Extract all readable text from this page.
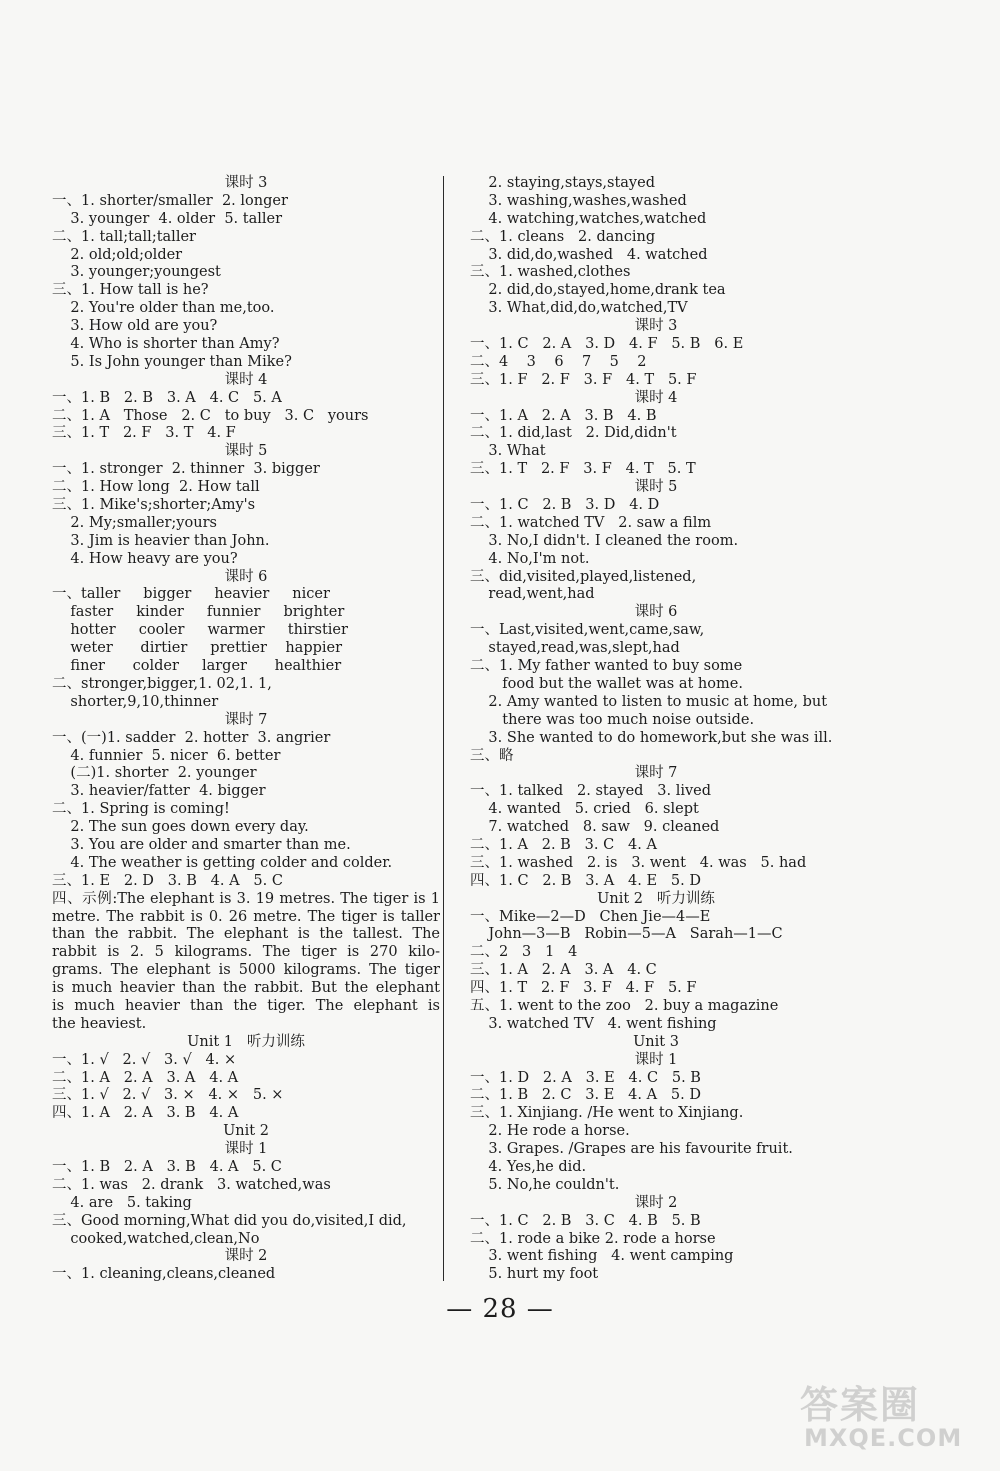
课时 3
一、1. shorter/smaller  2. longer
3. younger  4. older  5. taller
二、1. tall;tall;taller
2. old;old;older
3. younger;youngest
三、1. How tall is he?
2. You're older than me,too.
3. How old are you?
4. Who is shorter than Amy?
5. Is John younger than Mike?
课时 4
一、1. B   2. B   3. A   4. C   5. A
二、1. A   Those   2. C   to buy   3. C   yours
三、1. T   2. F   3. T   4. F
课时 5
一、1. stronger  2. thinner  3. bigger
二、1. How long  2. How tall
三、1. Mike's;shorter;Amy's
2. My;smaller;yours
3. Jim is heavier than John.
4. How heavy are you?
课时 6
一、taller     bigger     heavier     nicer
faster     kinder     funnier     brighter
hotter     cooler     warmer     thirstier
weter      dirtier     prettier    happier
finer      colder     larger      healthier
二、stronger,bigger,1. 02,1. 1,
shorter,9,10,thinner
课时 7
一、(一)1. sadder  2. hotter  3. angrier
4. funnier  5. nicer  6. better
(二)1. shorter  2. younger
3. heavier/fatter  4. bigger
二、1. Spring is coming!
2. The sun goes down every day.
3. You are older and smarter than me.
4. The weather is getting colder and colder.
三、1. E   2. D   3. B   4. A   5. C
四、示例:The elephant is 3. 19 metres. The tiger is 1
metre. The rabbit is 0. 26 metre. The tiger is taller
than the rabbit. The elephant is the tallest. The
rabbit is 2. 5 kilograms. The tiger is 270 kilo-
grams. The elephant is 5000 kilograms. The tiger
is much heavier than the rabbit. But the elephant
is much heavier than the tiger. The elephant is
the heaviest.
Unit 1   听力训练
一、1. √   2. √   3. √   4. ×
二、1. A   2. A   3. A   4. A
三、1. √   2. √   3. ×   4. ×   5. ×
四、1. A   2. A   3. B   4. A
Unit 2
课时 1
一、1. B   2. A   3. B   4. A   5. C
二、1. was   2. drank   3. watched,was
4. are   5. taking
三、Good morning,What did you do,visited,I did,
cooked,watched,clean,No
课时 2
一、1. cleaning,cleans,cleaned
2. staying,stays,stayed
3. washing,washes,washed
4. watching,watches,watched
二、1. cleans   2. dancing
3. did,do,washed   4. watched
三、1. washed,clothes
2. did,do,stayed,home,drank tea
3. What,did,do,watched,TV
课时 3
一、1. C   2. A   3. D   4. F   5. B   6. E
二、4    3    6    7    5    2
三、1. F   2. F   3. F   4. T   5. F
课时 4
一、1. A   2. A   3. B   4. B
二、1. did,last   2. Did,didn't
3. What
三、1. T   2. F   3. F   4. T   5. T
课时 5
一、1. C   2. B   3. D   4. D
二、1. watched TV   2. saw a film
3. No,I didn't. I cleaned the room.
4. No,I'm not.
三、did,visited,played,listened,
read,went,had
课时 6
一、Last,visited,went,came,saw,
stayed,read,was,slept,had
二、1. My father wanted to buy some
food but the wallet was at home.
2. Amy wanted to listen to music at home, but
there was too much noise outside.
3. She wanted to do homework,but she was ill.
三、略
课时 7
一、1. talked   2. stayed   3. lived
4. wanted   5. cried   6. slept
7. watched   8. saw   9. cleaned
二、1. A   2. B   3. C   4. A
三、1. washed   2. is   3. went   4. was   5. had
四、1. C   2. B   3. A   4. E   5. D
Unit 2   听力训练
一、Mike—2—D   Chen Jie—4—E
John—3—B   Robin—5—A   Sarah—1—C
二、2   3   1   4
三、1. A   2. A   3. A   4. C
四、1. T   2. F   3. F   4. F   5. F
五、1. went to the zoo   2. buy a magazine
3. watched TV   4. went fishing
Unit 3
课时 1
一、1. D   2. A   3. E   4. C   5. B
二、1. B   2. C   3. E   4. A   5. D
三、1. Xinjiang. /He went to Xinjiang.
2. He rode a horse.
3. Grapes. /Grapes are his favourite fruit.
4. Yes,he did.
5. No,he couldn't.
课时 2
一、1. C   2. B   3. C   4. B   5. B
二、1. rode a bike 2. rode a horse
3. went fishing   4. went camping
5. hurt my foot
— 28 —
答案圈
MXQE.COM
